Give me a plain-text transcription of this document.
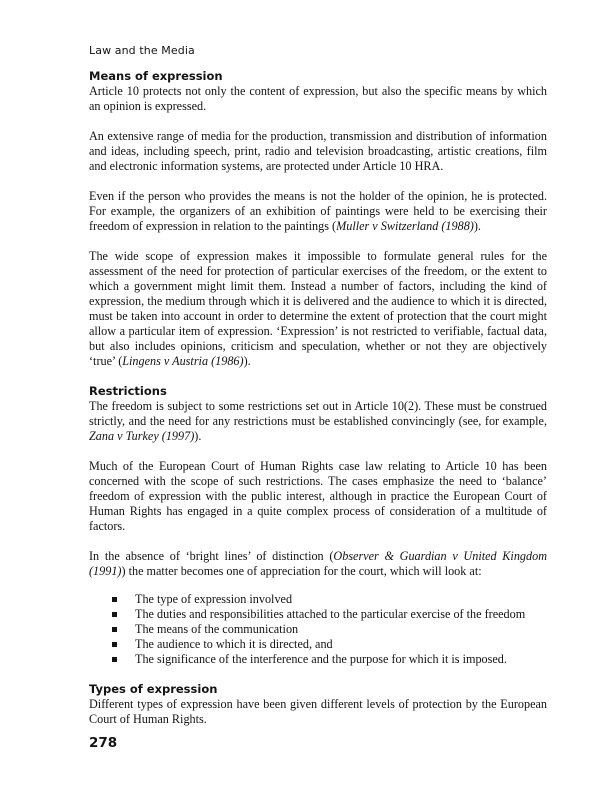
Law and the Media
Means of expression

Article 10 protects not only the content of expression, but also the specific means by which an opinion is expressed.

An extensive range of media for the production, transmission and distribution of information and ideas, including speech, print, radio and television broadcasting, artistic creations, film and electronic information systems, are protected under Article 10 HRA.

Even if the person who provides the means is not the holder of the opinion, he is protected. For example, the organizers of an exhibition of paintings were held to be exercising their freedom of expression in relation to the paintings (Muller v Switzerland (1988)).

The wide scope of expression makes it impossible to formulate general rules for the assessment of the need for protection of particular exercises of the freedom, or the extent to which a government might limit them. Instead a number of factors, including the kind of expression, the medium through which it is delivered and the audience to which it is directed, must be taken into account in order to determine the extent of protection that the court might allow a particular item of expression. ‘Expression’ is not restricted to verifiable, factual data, but also includes opinions, criticism and speculation, whether or not they are objectively ‘true’ (Lingens v Austria (1986)).

Restrictions

The freedom is subject to some restrictions set out in Article 10(2). These must be construed strictly, and the need for any restrictions must be established convincingly (see, for example, Zana v Turkey (1997)).

Much of the European Court of Human Rights case law relating to Article 10 has been concerned with the scope of such restrictions. The cases emphasize the need to ‘balance’ freedom of expression with the public interest, although in practice the European Court of Human Rights has engaged in a quite complex process of consideration of a multitude of factors.

In the absence of ‘bright lines’ of distinction (Observer & Guardian v United Kingdom (1991)) the matter becomes one of appreciation for the court, which will look at:

The type of expression involved
The duties and responsibilities attached to the particular exercise of the freedom
The means of the communication
The audience to which it is directed, and
The significance of the interference and the purpose for which it is imposed.
Types of expression

Different types of expression have been given different levels of protection by the European Court of Human Rights.

278
